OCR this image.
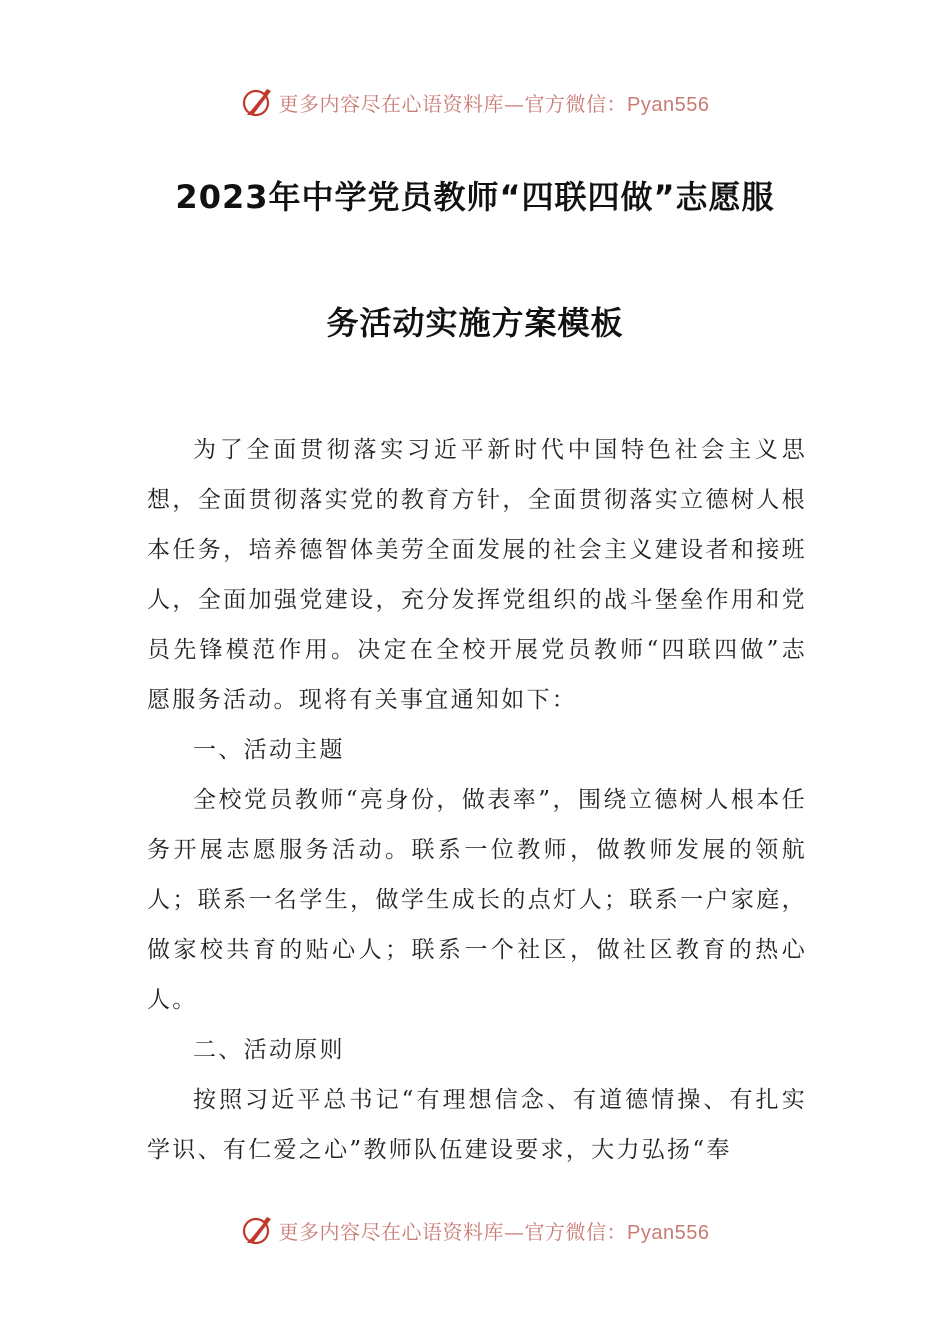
更多内容尽在心语资料库—官方微信：Pyan556
2023年中学党员教师“四联四做”志愿服
务活动实施方案模板

为了全面贯彻落实习近平新时代中国特色社会主义思想，全面贯彻落实党的教育方针，全面贯彻落实立德树人根本任务，培养德智体美劳全面发展的社会主义建设者和接班人，全面加强党建设，充分发挥党组织的战斗堡垒作用和党员先锋模范作用。决定在全校开展党员教师“四联四做”志愿服务活动。现将有关事宜通知如下：

一、活动主题

全校党员教师“亮身份，做表率”，围绕立德树人根本任务开展志愿服务活动。联系一位教师，做教师发展的领航人；联系一名学生，做学生成长的点灯人；联系一户家庭，做家校共育的贴心人；联系一个社区，做社区教育的热心人。

二、活动原则

按照习近平总书记“有理想信念、有道德情操、有扎实学识、有仁爱之心”教师队伍建设要求，大力弘扬“奉

更多内容尽在心语资料库—官方微信：Pyan556
